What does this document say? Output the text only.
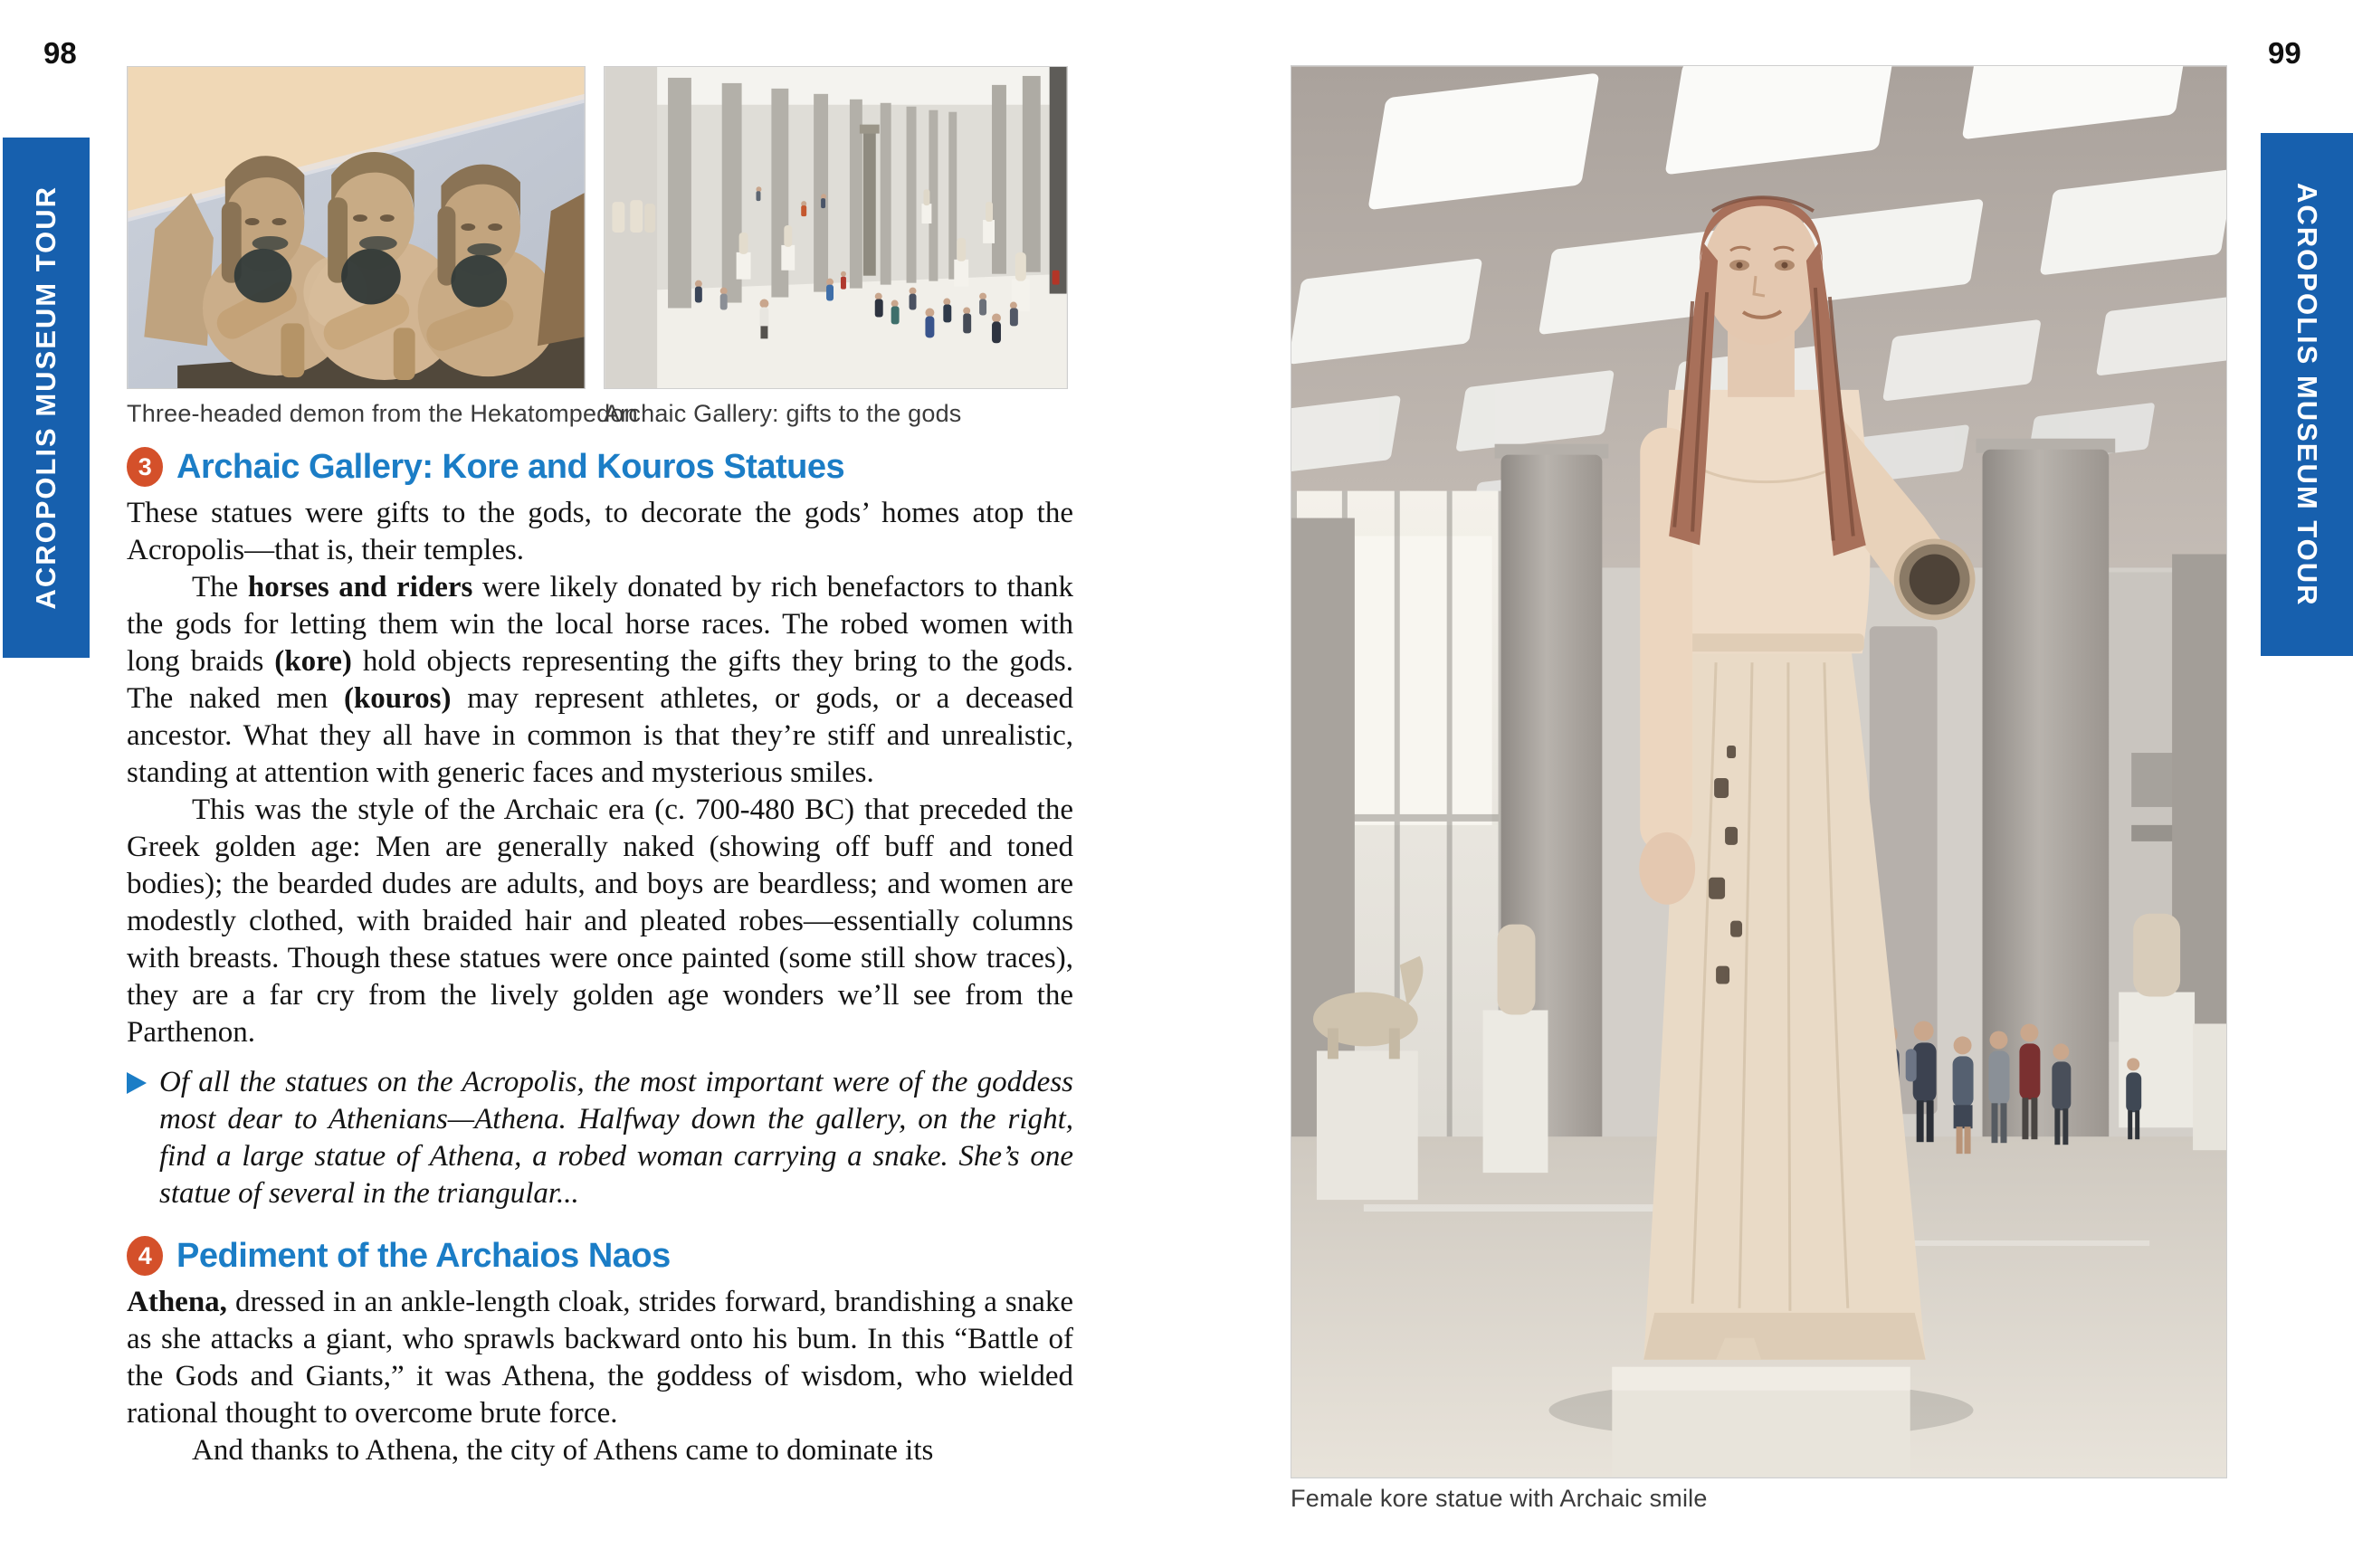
98
ACROPOLIS MUSEUM TOUR	Three-headed demon from the Hekatompedon
Archaic Gallery: gifts to the gods
3 Archaic Gallery: Kore and Kouros Statues

These statues were gifts to the gods, to decorate the gods’ homes atop the Acropolis—that is, their temples.

The horses and riders were likely donated by rich benefactors to thank the gods for letting them win the local horse races. The robed women with long braids (kore) hold objects representing the gifts they bring to the gods. The naked men (kouros) may represent athletes, or gods, or a deceased ancestor. What they all have in common is that they’re stiff and unrealistic, standing at attention with generic faces and mysterious smiles.

This was the style of the Archaic era (c. 700-480 BC) that preceded the Greek golden age: Men are generally naked (showing off buff and toned bodies); the bearded dudes are adults, and boys are beardless; and women are modestly clothed, with braided hair and pleated robes—essentially columns with breasts. Though these statues were once painted (some still show traces), they are a far cry from the lively golden age wonders we’ll see from the Parthenon.

Of all the statues on the Acropolis, the most important were of the goddess most dear to Athenians—Athena. Halfway down the gallery, on the right, find a large statue of Athena, a robed woman carrying a snake. She’s one statue of several in the triangular...
4 Pediment of the Archaios Naos

Athena, dressed in an ankle-length cloak, strides forward, brandishing a snake as she attacks a giant, who sprawls backward onto his bum. In this “Battle of the Gods and Giants,” it was Athena, the goddess of wisdom, who wielded rational thought to overcome brute force.

And thanks to Athena, the city of Athens came to dominate its

99
ACROPOLIS MUSEUM TOUR
Female kore statue with Archaic smile
